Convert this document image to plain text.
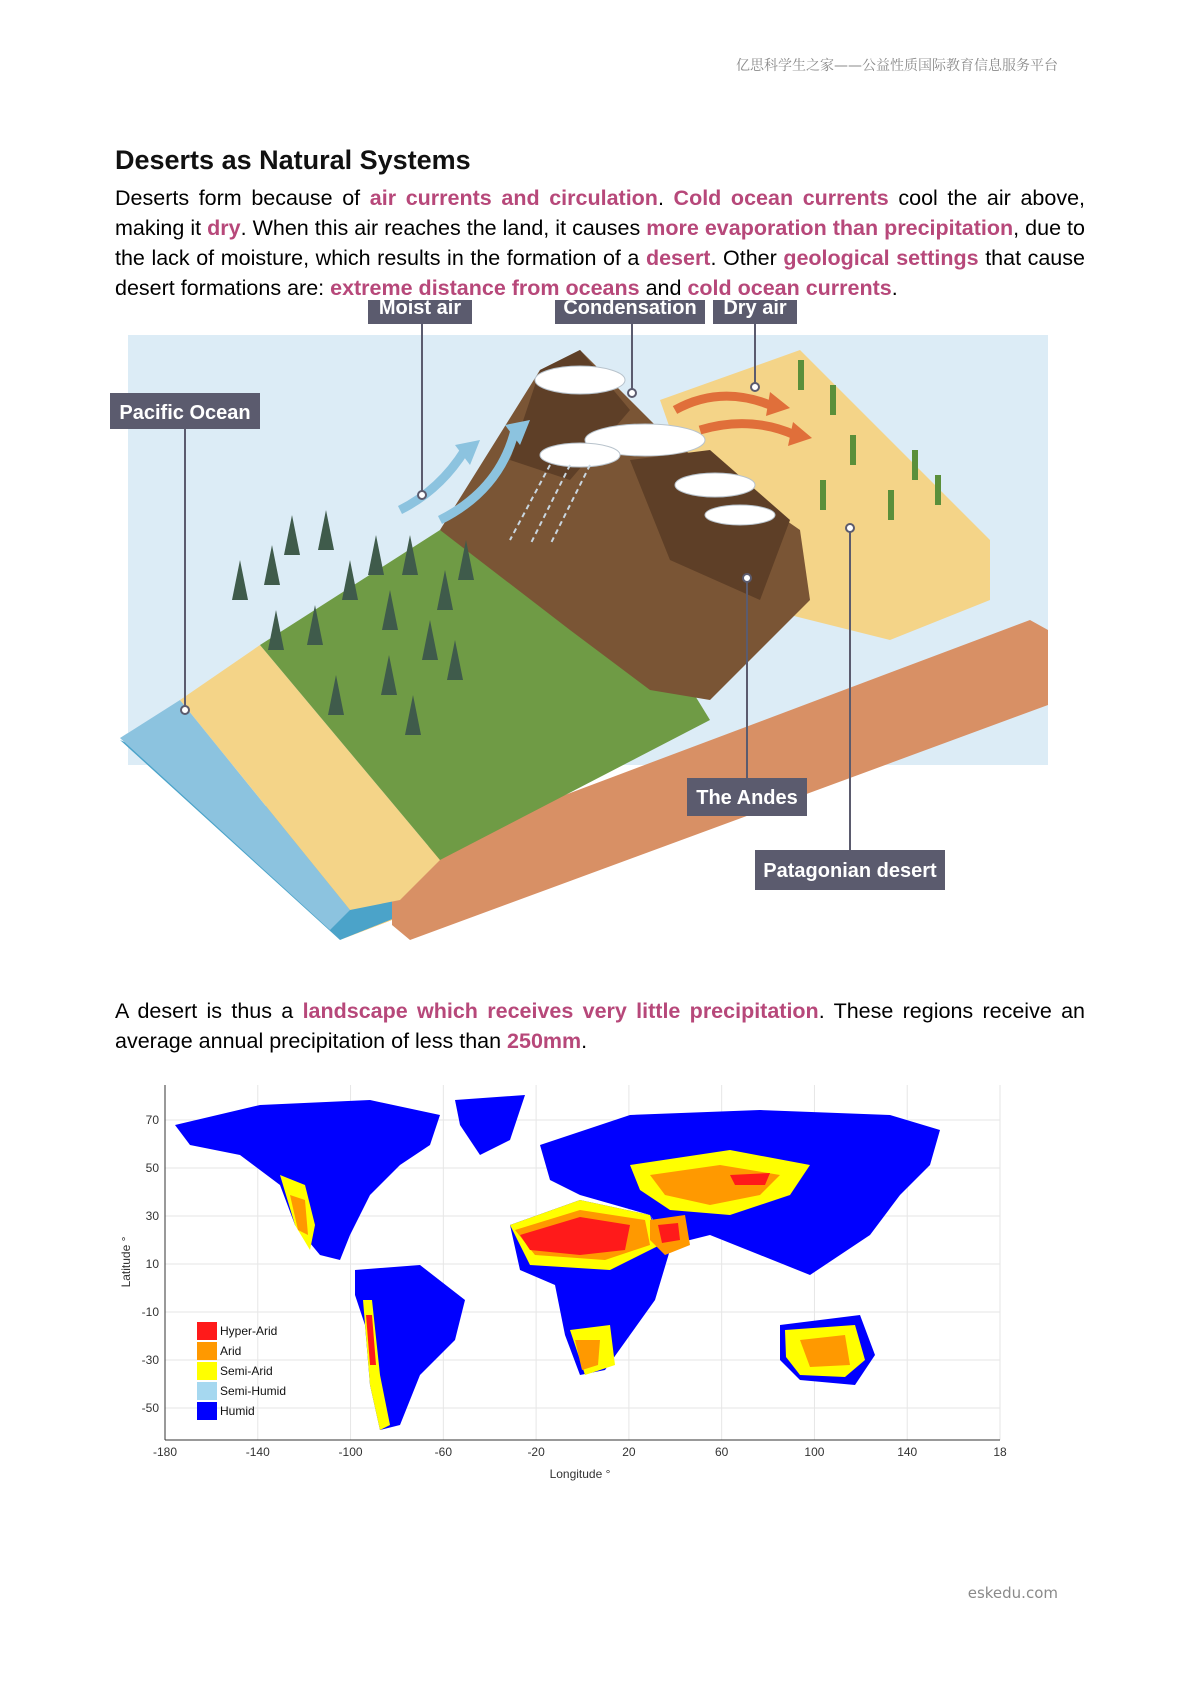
亿思科学生之家——公益性质国际教育信息服务平台
Deserts as Natural Systems

Deserts form because of air currents and circulation. Cold ocean currents cool the air above, making it dry. When this air reaches the land, it causes more evaporation than precipitation, due to the lack of moisture, which results in the formation of a desert. Other geological settings that cause desert formations are: extreme distance from oceans and cold ocean currents.

Moist air	Condensation Dry air
Pacific Ocean
The Andes
Patagonian desert

A desert is thus a landscape which receives very little precipitation. These regions receive an average annual precipitation of less than 250mm.

-180	-140	-100	-60	-20	20	60	100	140	18
70
50
30
10
-10
-30
-50
Longitude °
Latitude °
Hyper-Arid
Arid
Semi-Arid
Semi-Humid
Humid
eskedu.com
